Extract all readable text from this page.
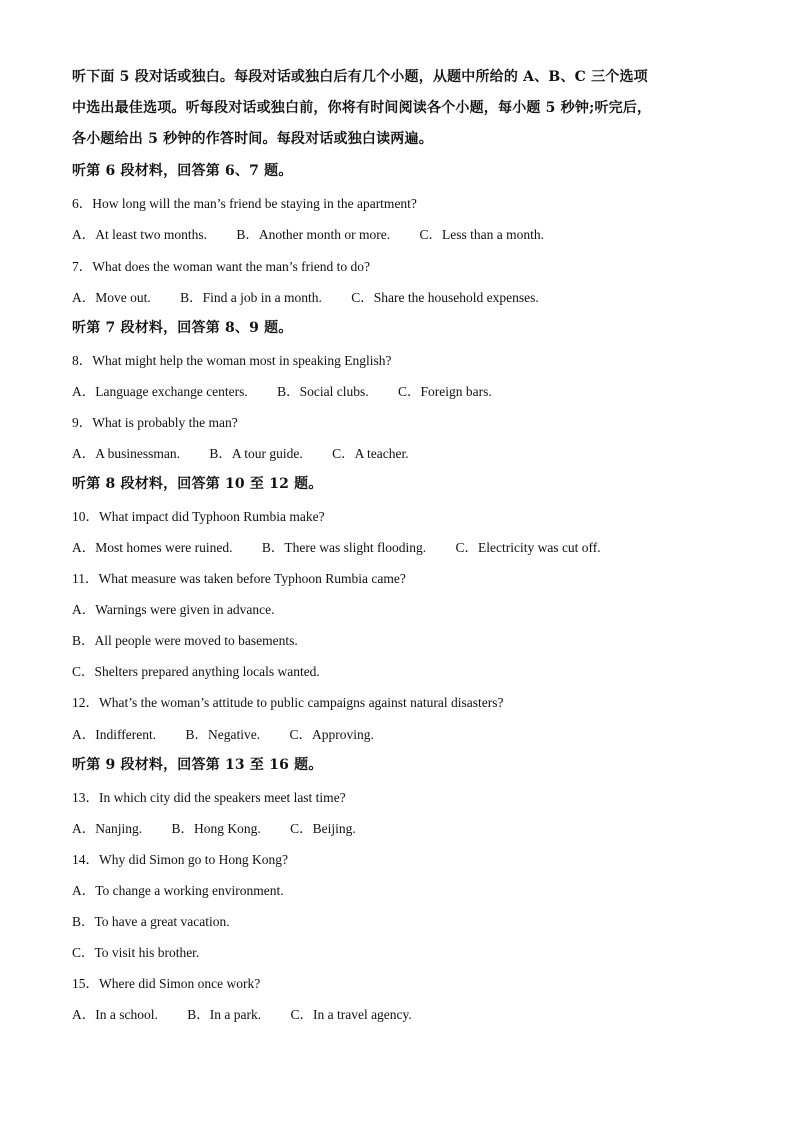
听下面 5 段对话或独白。每段对话或独白后有几个小题，从题中所给的 A、B、C 三个选项
中选出最佳选项。听每段对话或独白前，你将有时间阅读各个小题，每小题 5 秒钟;听完后，
各小题给出 5 秒钟的作答时间。每段对话或独白读两遍。
听第 6 段材料，回答第 6、7 题。
6．How long will the man’s friend be staying in the apartment?
A．At least two months. B．Another month or more. C．Less than a month.
7．What does the woman want the man’s friend to do?
A．Move out. B．Find a job in a month. C．Share the household expenses.
听第 7 段材料，回答第 8、9 题。
8．What might help the woman most in speaking English?
A．Language exchange centers. B．Social clubs. C．Foreign bars.
9．What is probably the man?
A．A businessman. B．A tour guide. C．A teacher.
听第 8 段材料，回答第 10 至 12 题。
10．What impact did Typhoon Rumbia make?
A．Most homes were ruined. B．There was slight flooding. C．Electricity was cut off.
11．What measure was taken before Typhoon Rumbia came?
A．Warnings were given in advance.
B．All people were moved to basements.
C．Shelters prepared anything locals wanted.
12．What’s the woman’s attitude to public campaigns against natural disasters?
A．Indifferent. B．Negative. C．Approving.
听第 9 段材料，回答第 13 至 16 题。
13．In which city did the speakers meet last time?
A．Nanjing. B．Hong Kong. C．Beijing.
14．Why did Simon go to Hong Kong?
A．To change a working environment.
B．To have a great vacation.
C．To visit his brother.
15．Where did Simon once work?
A．In a school. B．In a park. C．In a travel agency.
